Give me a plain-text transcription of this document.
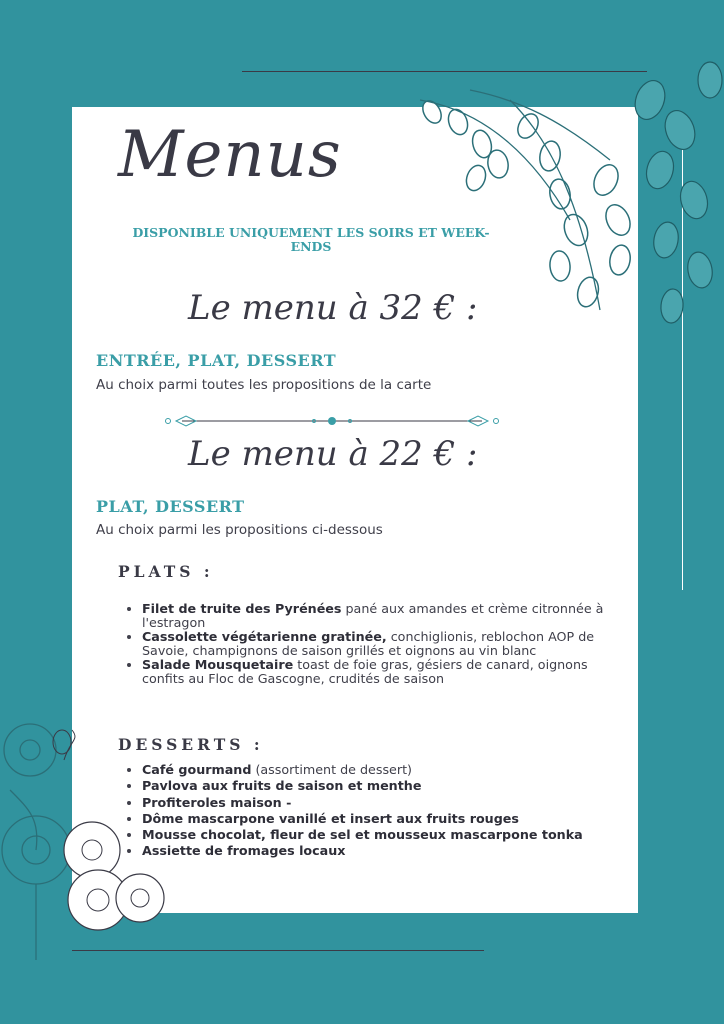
Menus
DISPONIBLE UNIQUEMENT LES SOIRS ET WEEK-ENDS
Le menu à 32 € :
ENTRÉE, PLAT, DESSERT
Au choix parmi toutes les propositions de la carte
Le menu à 22 € :
PLAT, DESSERT
Au choix parmi les propositions ci-dessous
PLATS :
• Filet de truite des Pyrénées pané aux amandes et crème citronnée à l'estragon
• Cassolette végétarienne gratinée, conchiglionis, reblochon AOP de Savoie, champignons de saison grillés et oignons au vin blanc
• Salade Mousquetaire toast de foie gras, gésiers de canard, oignons confits au Floc de Gascogne, crudités de saison
DESSERTS :
• Café gourmand (assortiment de dessert)
• Pavlova aux fruits de saison et menthe
• Profiteroles maison -
• Dôme mascarpone vanillé et insert aux fruits rouges
• Mousse chocolat, fleur de sel et mousseux mascarpone tonka
• Assiette de fromages locaux
